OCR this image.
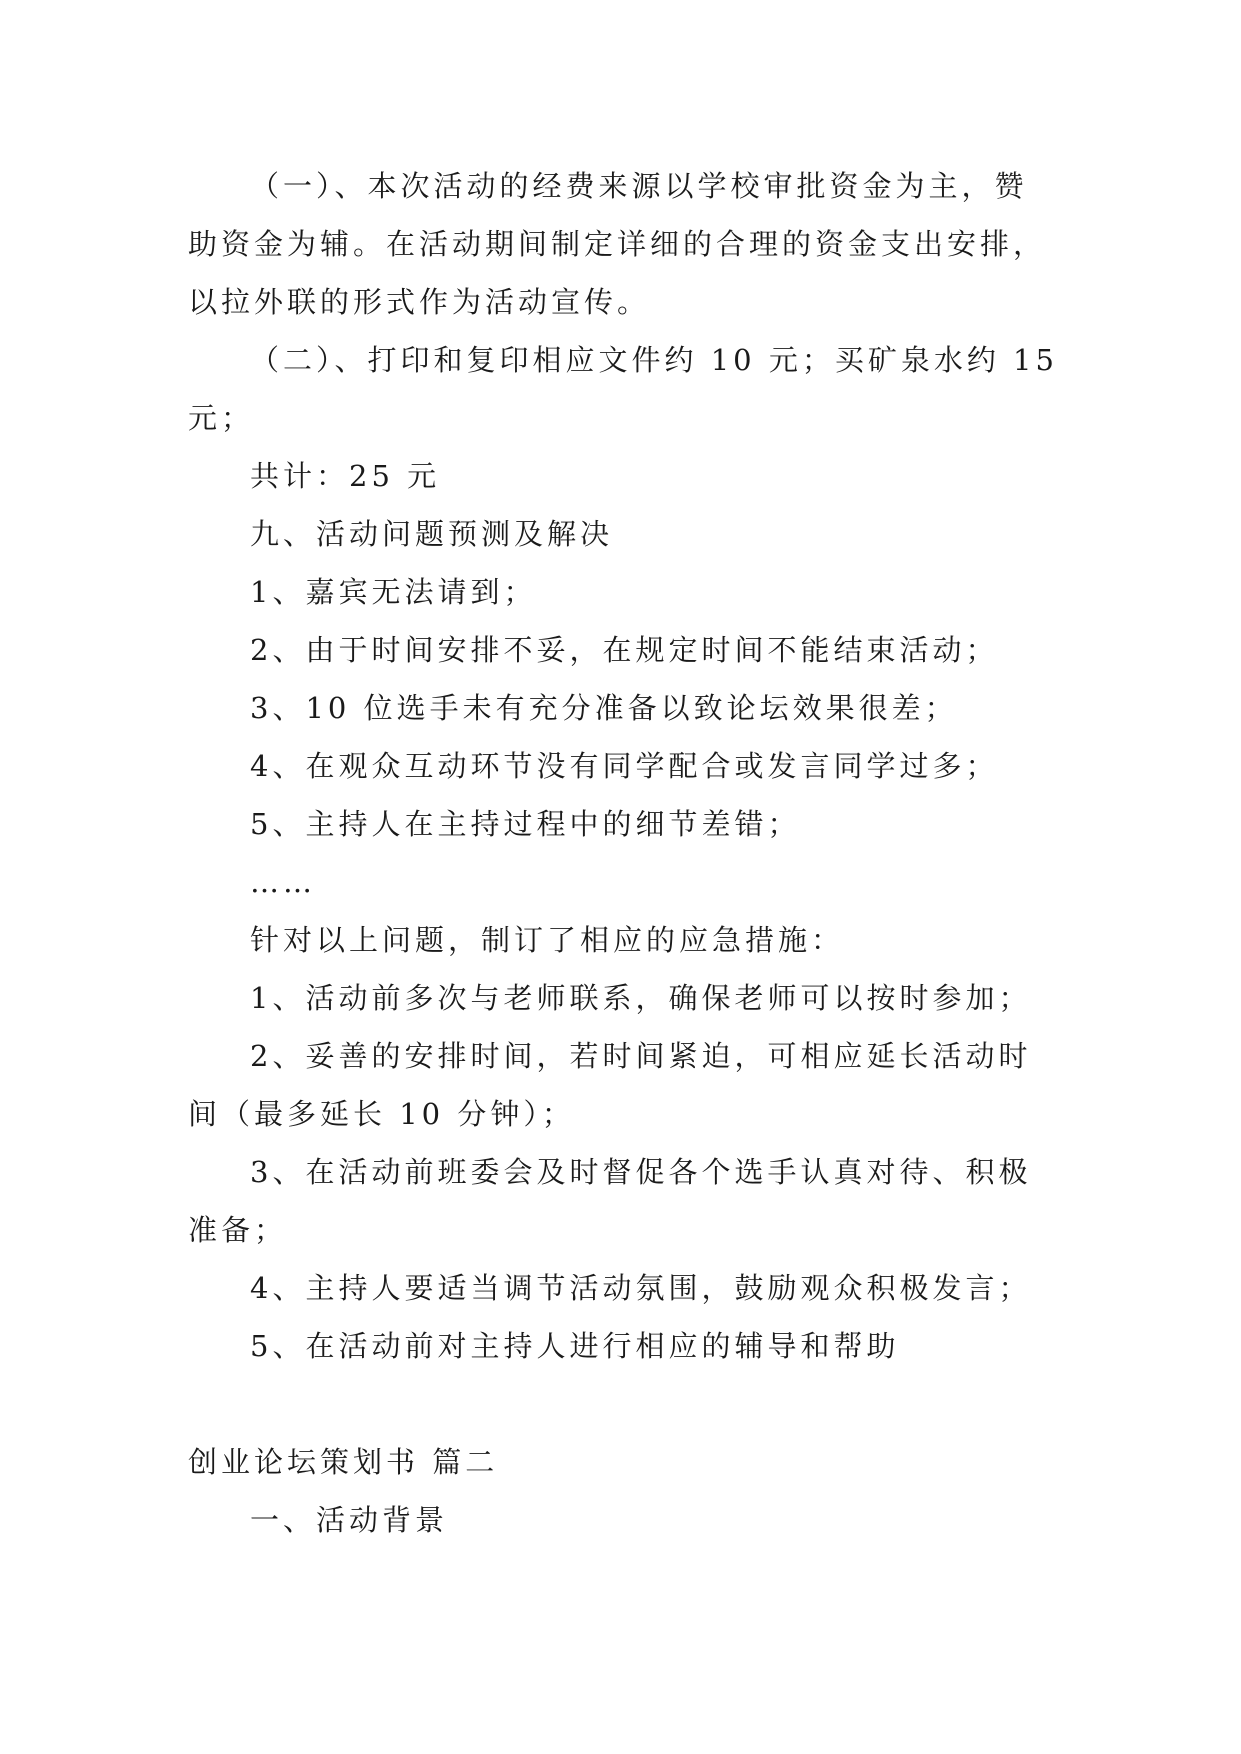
（一）、本次活动的经费来源以学校审批资金为主，赞

助资金为辅。在活动期间制定详细的合理的资金支出安排，

以拉外联的形式作为活动宣传。

（二）、打印和复印相应文件约 10 元；买矿泉水约 15

元；

共计：25 元

九、活动问题预测及解决

1、嘉宾无法请到；

2、由于时间安排不妥，在规定时间不能结束活动；

3、10 位选手未有充分准备以致论坛效果很差；

4、在观众互动环节没有同学配合或发言同学过多；

5、主持人在主持过程中的细节差错；

……

针对以上问题，制订了相应的应急措施：

1、活动前多次与老师联系，确保老师可以按时参加；

2、妥善的安排时间，若时间紧迫，可相应延长活动时

间（最多延长 10 分钟）；

3、在活动前班委会及时督促各个选手认真对待、积极

准备；

4、主持人要适当调节活动氛围，鼓励观众积极发言；

5、在活动前对主持人进行相应的辅导和帮助

创业论坛策划书 篇二

一、活动背景
